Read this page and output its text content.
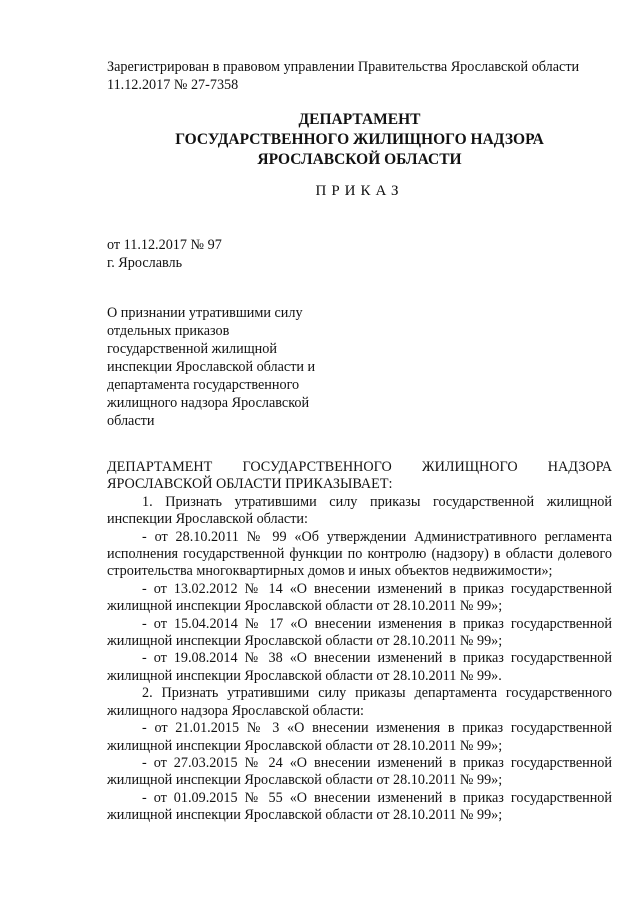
Зарегистрирован в правовом управлении Правительства Ярославской области
11.12.2017 № 27-7358
ДЕПАРТАМЕНТ
ГОСУДАРСТВЕННОГО ЖИЛИЩНОГО НАДЗОРА
ЯРОСЛАВСКОЙ ОБЛАСТИ
ПРИКАЗ
от 11.12.2017 № 97
г. Ярославль
О признании утратившими силу
отдельных приказов
государственной жилищной
инспекции Ярославской области и
департамента государственного
жилищного надзора Ярославской
области

ДЕПАРТАМЕНТ ГОСУДАРСТВЕННОГО ЖИЛИЩНОГО НАДЗОРА ЯРОСЛАВСКОЙ ОБЛАСТИ ПРИКАЗЫВАЕТ:

1. Признать утратившими силу приказы государственной жилищной инспекции Ярославской области:

- от 28.10.2011 № 99 «Об утверждении Административного регламента исполнения государственной функции по контролю (надзору) в области долевого строительства многоквартирных домов и иных объектов недвижимости»;

- от 13.02.2012 № 14 «О внесении изменений в приказ государственной жилищной инспекции Ярославской области от 28.10.2011 № 99»;

- от 15.04.2014 № 17 «О внесении изменения в приказ государственной жилищной инспекции Ярославской области от 28.10.2011 № 99»;

- от 19.08.2014 № 38 «О внесении изменений в приказ государственной жилищной инспекции Ярославской области от 28.10.2011 № 99».

2. Признать утратившими силу приказы департамента государственного жилищного надзора Ярославской области:

- от 21.01.2015 № 3 «О внесении изменения в приказ государственной жилищной инспекции Ярославской области от 28.10.2011 № 99»;

- от 27.03.2015 № 24 «О внесении изменений в приказ государственной жилищной инспекции Ярославской области от 28.10.2011 № 99»;

- от 01.09.2015 № 55 «О внесении изменений в приказ государственной жилищной инспекции Ярославской области от 28.10.2011 № 99»;
